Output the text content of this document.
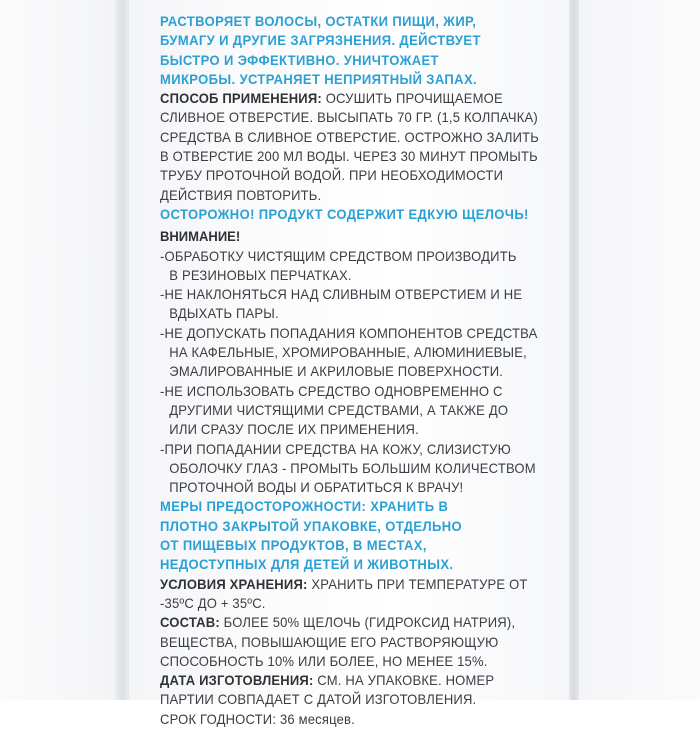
РАСТВОРЯЕТ ВОЛОСЫ, ОСТАТКИ ПИЩИ, ЖИР,
БУМАГУ И ДРУГИЕ ЗАГРЯЗНЕНИЯ. ДЕЙСТВУЕТ
БЫСТРО И ЭФФЕКТИВНО. УНИЧТОЖАЕТ
МИКРОБЫ. УСТРАНЯЕТ НЕПРИЯТНЫЙ ЗАПАХ.
СПОСОБ ПРИМЕНЕНИЯ: ОСУШИТЬ ПРОЧИЩАЕМОЕ
СЛИВНОЕ ОТВЕРСТИЕ. ВЫСЫПАТЬ 70 ГР. (1,5 КОЛПАЧКА)
СРЕДСТВА В СЛИВНОЕ ОТВЕРСТИЕ. ОСТРОЖНО ЗАЛИТЬ
В ОТВЕРСТИЕ 200 МЛ ВОДЫ. ЧЕРЕЗ 30 МИНУТ ПРОМЫТЬ
ТРУБУ ПРОТОЧНОЙ ВОДОЙ. ПРИ НЕОБХОДИМОСТИ
ДЕЙСТВИЯ ПОВТОРИТЬ.
ОСТОРОЖНО! ПРОДУКТ СОДЕРЖИТ ЕДКУЮ ЩЕЛОЧЬ!
ВНИМАНИЕ!
-ОБРАБОТКУ ЧИСТЯЩИМ СРЕДСТВОМ ПРОИЗВОДИТЬ
В РЕЗИНОВЫХ ПЕРЧАТКАХ.
-НЕ НАКЛОНЯТЬСЯ НАД СЛИВНЫМ ОТВЕРСТИЕМ И НЕ
ВДЫХАТЬ ПАРЫ.
-НЕ ДОПУСКАТЬ ПОПАДАНИЯ КОМПОНЕНТОВ СРЕДСТВА
НА КАФЕЛЬНЫЕ, ХРОМИРОВАННЫЕ, АЛЮМИНИЕВЫЕ,
ЭМАЛИРОВАННЫЕ И АКРИЛОВЫЕ ПОВЕРХНОСТИ.
-НЕ ИСПОЛЬЗОВАТЬ СРЕДСТВО ОДНОВРЕМЕННО С
ДРУГИМИ ЧИСТЯЩИМИ СРЕДСТВАМИ, А ТАКЖЕ ДО
ИЛИ СРАЗУ ПОСЛЕ ИХ ПРИМЕНЕНИЯ.
-ПРИ ПОПАДАНИИ СРЕДСТВА НА КОЖУ, СЛИЗИСТУЮ
ОБОЛОЧКУ ГЛАЗ - ПРОМЫТЬ БОЛЬШИМ КОЛИЧЕСТВОМ
ПРОТОЧНОЙ ВОДЫ И ОБРАТИТЬСЯ К ВРАЧУ!
МЕРЫ ПРЕДОСТОРОЖНОСТИ: ХРАНИТЬ В
ПЛОТНО ЗАКРЫТОЙ УПАКОВКЕ, ОТДЕЛЬНО
ОТ ПИЩЕВЫХ ПРОДУКТОВ, В МЕСТАХ,
НЕДОСТУПНЫХ ДЛЯ ДЕТЕЙ И ЖИВОТНЫХ.
УСЛОВИЯ ХРАНЕНИЯ: ХРАНИТЬ ПРИ ТЕМПЕРАТУРЕ ОТ
-35ºС ДО + 35ºС.
СОСТАВ: БОЛЕЕ 50% ЩЕЛОЧЬ (ГИДРОКСИД НАТРИЯ),
ВЕЩЕСТВА, ПОВЫШАЮЩИЕ ЕГО РАСТВОРЯЮЩУЮ
СПОСОБНОСТЬ 10% ИЛИ БОЛЕЕ, НО МЕНЕЕ 15%.
ДАТА ИЗГОТОВЛЕНИЯ: СМ. НА УПАКОВКЕ. НОМЕР
ПАРТИИ СОВПАДАЕТ С ДАТОЙ ИЗГОТОВЛЕНИЯ.
СРОК ГОДНОСТИ: 36 месяцев.
